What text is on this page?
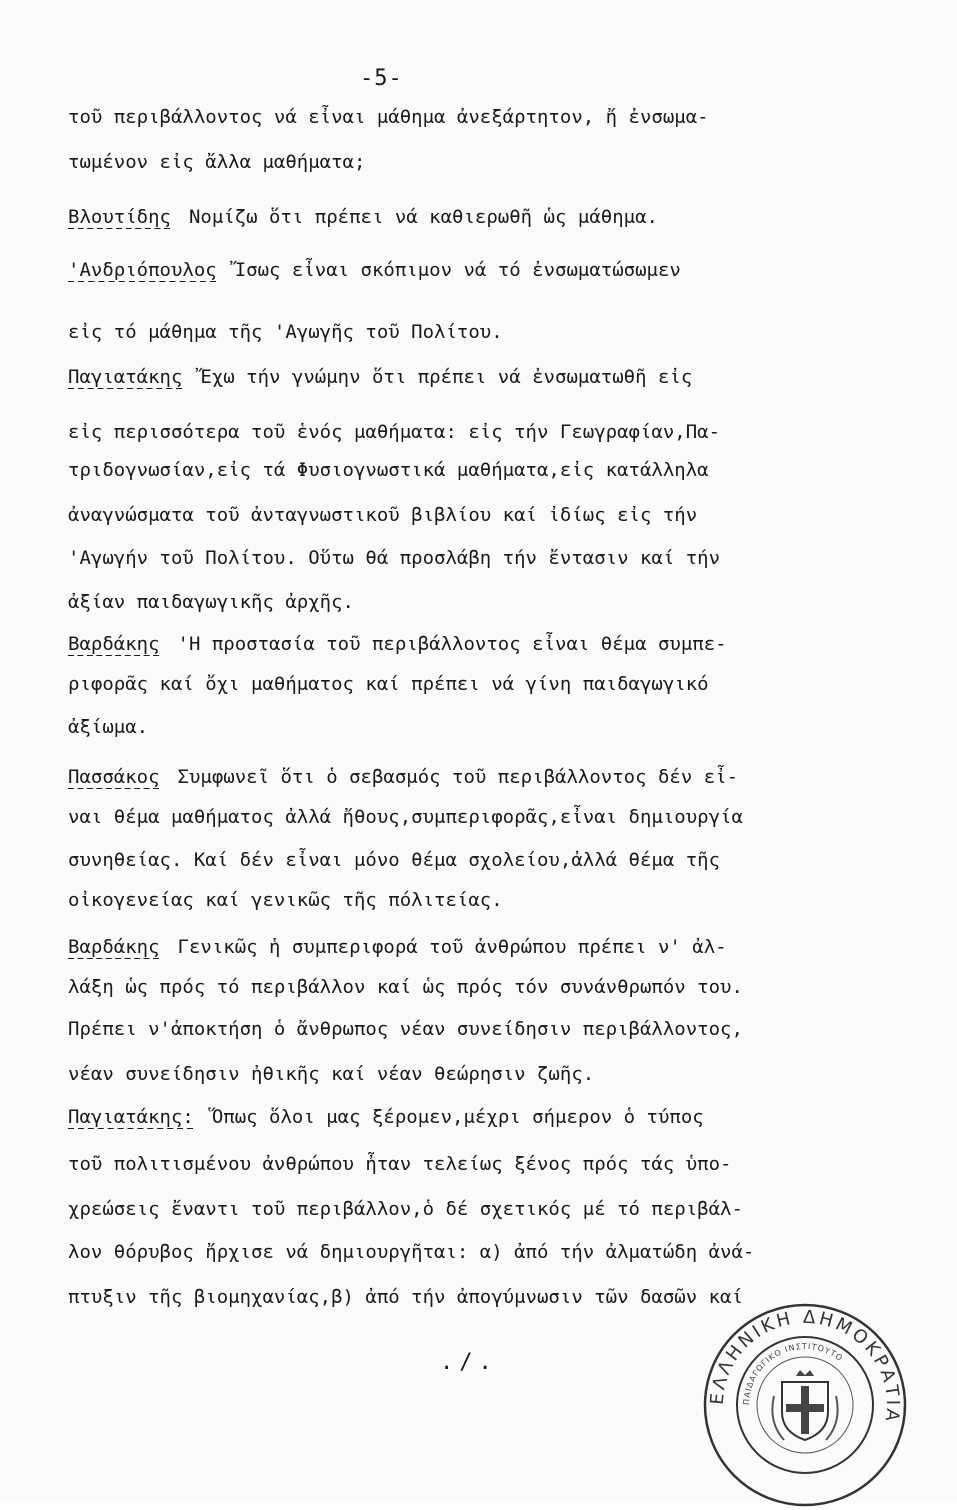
-5-
τοῦ περιβάλλοντος νά εἶναι μάθημα ἀνεξάρτητον, ἤ ἐνσωμα-
τωμένον εἰς ἄλλα μαθήματα;
Βλουτίδης Νομίζω ὅτι πρέπει νά καθιερωθῆ ὡς μάθημα.
'Ανδριόπουλος Ἴσως εἶναι σκόπιμον νά τό ἐνσωματώσωμεν
εἰς τό μάθημα τῆς 'Αγωγῆς τοῦ Πολίτου.
Παγιατάκης Ἔχω τήν γνώμην ὅτι πρέπει νά ἐνσωματωθῆ εἰς
εἰς περισσότερα τοῦ ἑνός μαθήματα: εἰς τήν Γεωγραφίαν,Πα-
τριδογνωσίαν,εἰς τά Φυσιογνωστικά μαθήματα,εἰς κατάλληλα
ἀναγνώσματα τοῦ ἀνταγνωστικοῦ βιβλίου καί ἰδίως εἰς τήν
'Αγωγήν τοῦ Πολίτου. Οὕτω θά προσλάβη τήν ἔντασιν καί τήν
ἀξίαν παιδαγωγικῆς ἀρχῆς.
Βαρδάκης 'Η προστασία τοῦ περιβάλλοντος εἶναι θέμα συμπε-
ριφορᾶς καί ὄχι μαθήματος καί πρέπει νά γίνη παιδαγωγικό
ἀξίωμα.
Πασσάκος Συμφωνεῖ ὅτι ὁ σεβασμός τοῦ περιβάλλοντος δέν εἶ-
ναι θέμα μαθήματος ἀλλά ἤθους,συμπεριφορᾶς,εἶναι δημιουργία
συνηθείας. Καί δέν εἶναι μόνο θέμα σχολείου,ἀλλά θέμα τῆς
οἰκογενείας καί γενικῶς τῆς πόλιτείας.
Βαρδάκης Γενικῶς ἡ συμπεριφορά τοῦ ἀνθρώπου πρέπει ν' ἀλ-
λάξη ὡς πρός τό περιβάλλον καί ὡς πρός τόν συνάνθρωπόν του.
Πρέπει ν'ἀποκτήση ὁ ἄνθρωπος νέαν συνείδησιν περιβάλλοντος,
νέαν συνείδησιν ἠθικῆς καί νέαν θεώρησιν ζωῆς.
Παγιατάκης: Ὅπως ὅλοι μας ξέρομεν,μέχρι σήμερον ὁ τύπος
τοῦ πολιτισμένου ἀνθρώπου ἦταν τελείως ξένος πρός τάς ὑπο-
χρεώσεις ἔναντι τοῦ περιβάλλον,ὁ δέ σχετικός μέ τό περιβάλ-
λον θόρυβος ἤρχισε νά δημιουργῆται: α) ἀπό τήν ἀλματώδη ἀνά-
πτυξιν τῆς βιομηχανίας,β) ἀπό τήν ἀπογύμνωσιν τῶν δασῶν καί
./.
ΕΛΛΗΝΙΚΗ ΔΗΜΟΚΡΑΤΙΑ
ΠΑΙΔΑΓΩΓΙΚΟ ΙΝΣΤΙΤΟΥΤΟ
